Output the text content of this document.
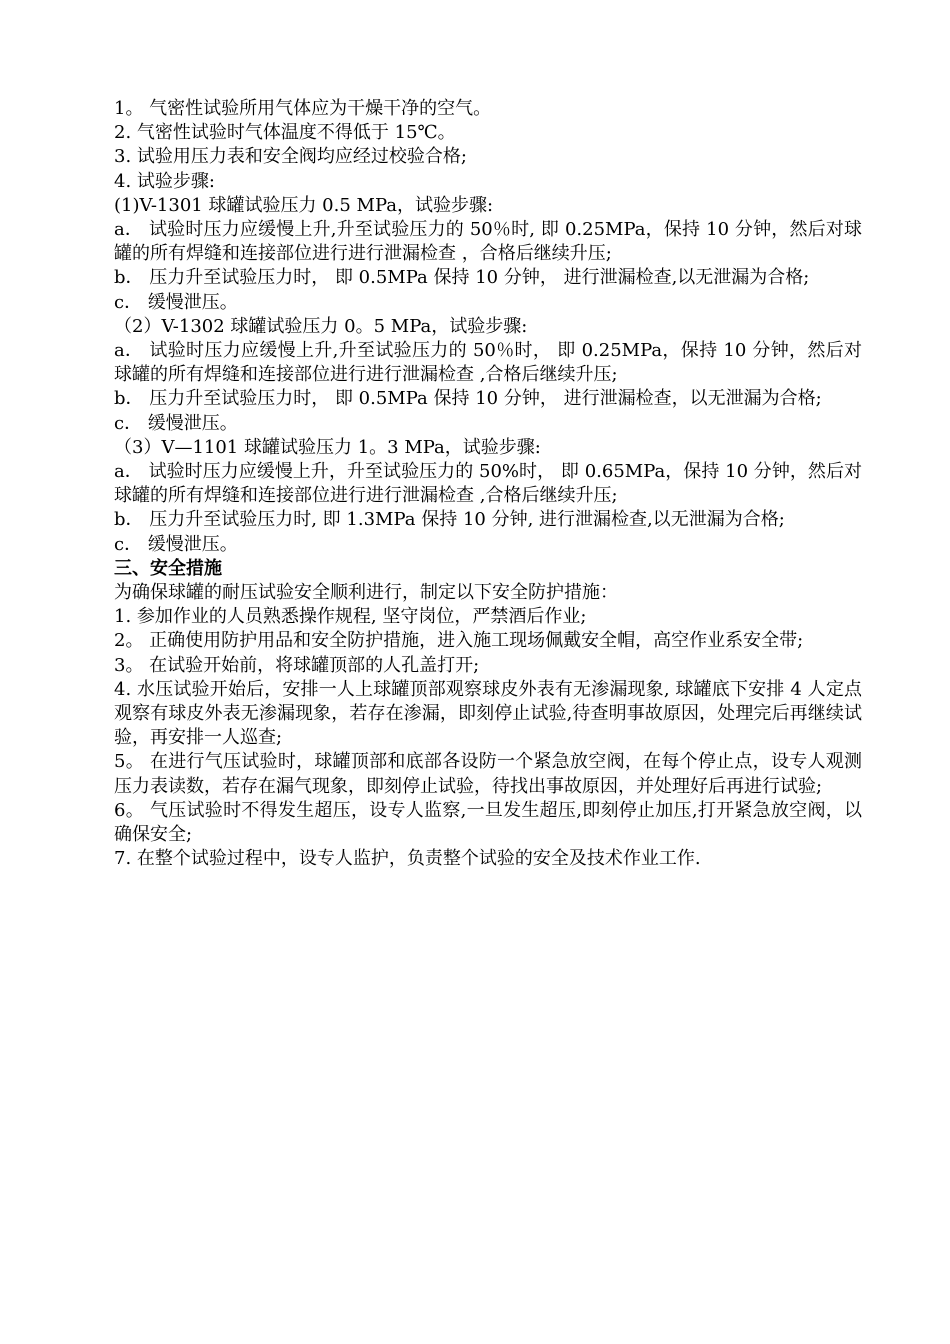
1。 气密性试验所用气体应为干燥干净的空气。

2. 气密性试验时气体温度不得低于 15℃。

3. 试验用压力表和安全阀均应经过校验合格;

4. 试验步骤:

(1)V-1301 球罐试验压力 0.5 MPa，试验步骤:

a． 试验时压力应缓慢上升,升至试验压力的 50％时, 即 0.25MPa，保持 10 分钟，然后对球罐的所有焊缝和连接部位进行进行泄漏检查 ，合格后继续升压;

b． 压力升至试验压力时， 即 0.5MPa 保持 10 分钟， 进行泄漏检查,以无泄漏为合格;

c． 缓慢泄压。

（2）V-1302 球罐试验压力 0。5 MPa，试验步骤:

a． 试验时压力应缓慢上升,升至试验压力的 50％时， 即 0.25MPa，保持 10 分钟，然后对球罐的所有焊缝和连接部位进行进行泄漏检查 ,合格后继续升压;

b． 压力升至试验压力时， 即 0.5MPa 保持 10 分钟， 进行泄漏检查，以无泄漏为合格;

c． 缓慢泄压。

（3）V—1101 球罐试验压力 1。3 MPa，试验步骤:

a． 试验时压力应缓慢上升，升至试验压力的 50%时， 即 0.65MPa，保持 10 分钟，然后对球罐的所有焊缝和连接部位进行进行泄漏检查 ,合格后继续升压;

b． 压力升至试验压力时, 即 1.3MPa 保持 10 分钟, 进行泄漏检查,以无泄漏为合格;

c． 缓慢泄压。

三、安全措施

为确保球罐的耐压试验安全顺利进行，制定以下安全防护措施：

1. 参加作业的人员熟悉操作规程, 坚守岗位，严禁酒后作业;

2。 正确使用防护用品和安全防护措施，进入施工现场佩戴安全帽，高空作业系安全带;

3。 在试验开始前，将球罐顶部的人孔盖打开;

4. 水压试验开始后，安排一人上球罐顶部观察球皮外表有无渗漏现象, 球罐底下安排 4 人定点观察有球皮外表无渗漏现象，若存在渗漏，即刻停止试验,待查明事故原因，处理完后再继续试验，再安排一人巡查;

5。 在进行气压试验时，球罐顶部和底部各设防一个紧急放空阀，在每个停止点，设专人观测压力表读数，若存在漏气现象，即刻停止试验，待找出事故原因，并处理好后再进行试验;

6。 气压试验时不得发生超压，设专人监察,一旦发生超压,即刻停止加压,打开紧急放空阀，以确保安全;

7. 在整个试验过程中，设专人监护，负责整个试验的安全及技术作业工作.
